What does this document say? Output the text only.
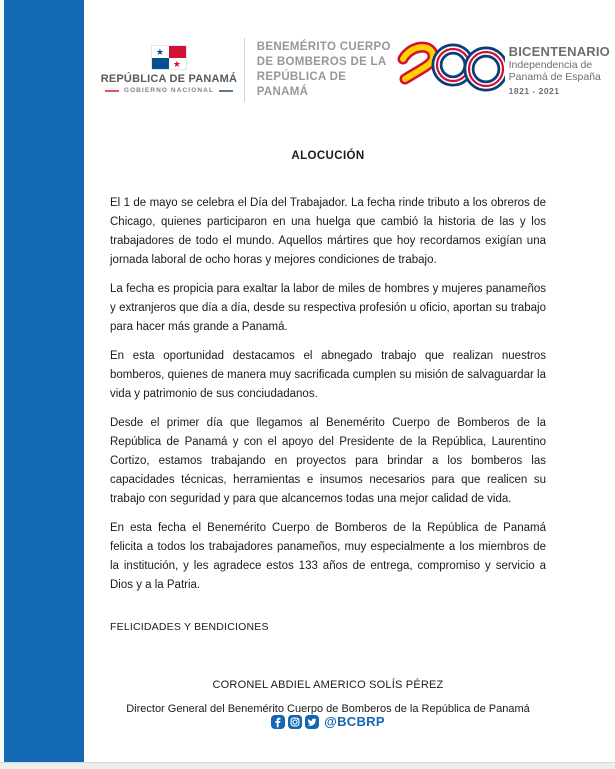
★
★
REPÚBLICA DE PANAMÁ
GOBIERNO NACIONAL
BENEMÉRITO CUERPO
DE BOMBEROS DE LA
REPÚBLICA DE PANAMÁ
BICENTENARIO
Independencia de
Panamá de España
1821 - 2021
ALOCUCIÓN

El 1 de mayo se celebra el Día del Trabajador. La fecha rinde tributo a los obreros de Chicago, quienes participaron en una huelga que cambió la historia de las y los trabajadores de todo el mundo. Aquellos mártires que hoy recordamos exigían una jornada laboral de ocho horas y mejores condiciones de trabajo.

La fecha es propicia para exaltar la labor de miles de hombres y mujeres panameños y extranjeros que día a día, desde su respectiva profesión u oficio, aportan su trabajo para hacer más grande a Panamá.

En esta oportunidad destacamos el abnegado trabajo que realizan nuestros bomberos, quienes de manera muy sacrificada cumplen su misión de salvaguardar la vida y patrimonio de sus conciudadanos.

Desde el primer día que llegamos al Benemérito Cuerpo de Bomberos de la República de Panamá y con el apoyo del Presidente de la República, Laurentino Cortizo, estamos trabajando en proyectos para brindar a los bomberos las capacidades técnicas, herramientas e insumos necesarios para que realicen su trabajo con seguridad y para que alcancemos todas una mejor calidad de vida.

En esta fecha el Benemérito Cuerpo de Bomberos de la República de Panamá felicita a todos los trabajadores panameños, muy especialmente a los miembros de la institución, y les agradece estos 133 años de entrega, compromiso y servicio a Dios y a la Patria.

FELICIDADES Y BENDICIONES
CORONEL ABDIEL AMERICO SOLÍS PÉREZ
Director General del Benemérito Cuerpo de Bomberos de la República de Panamá
@BCBRP
